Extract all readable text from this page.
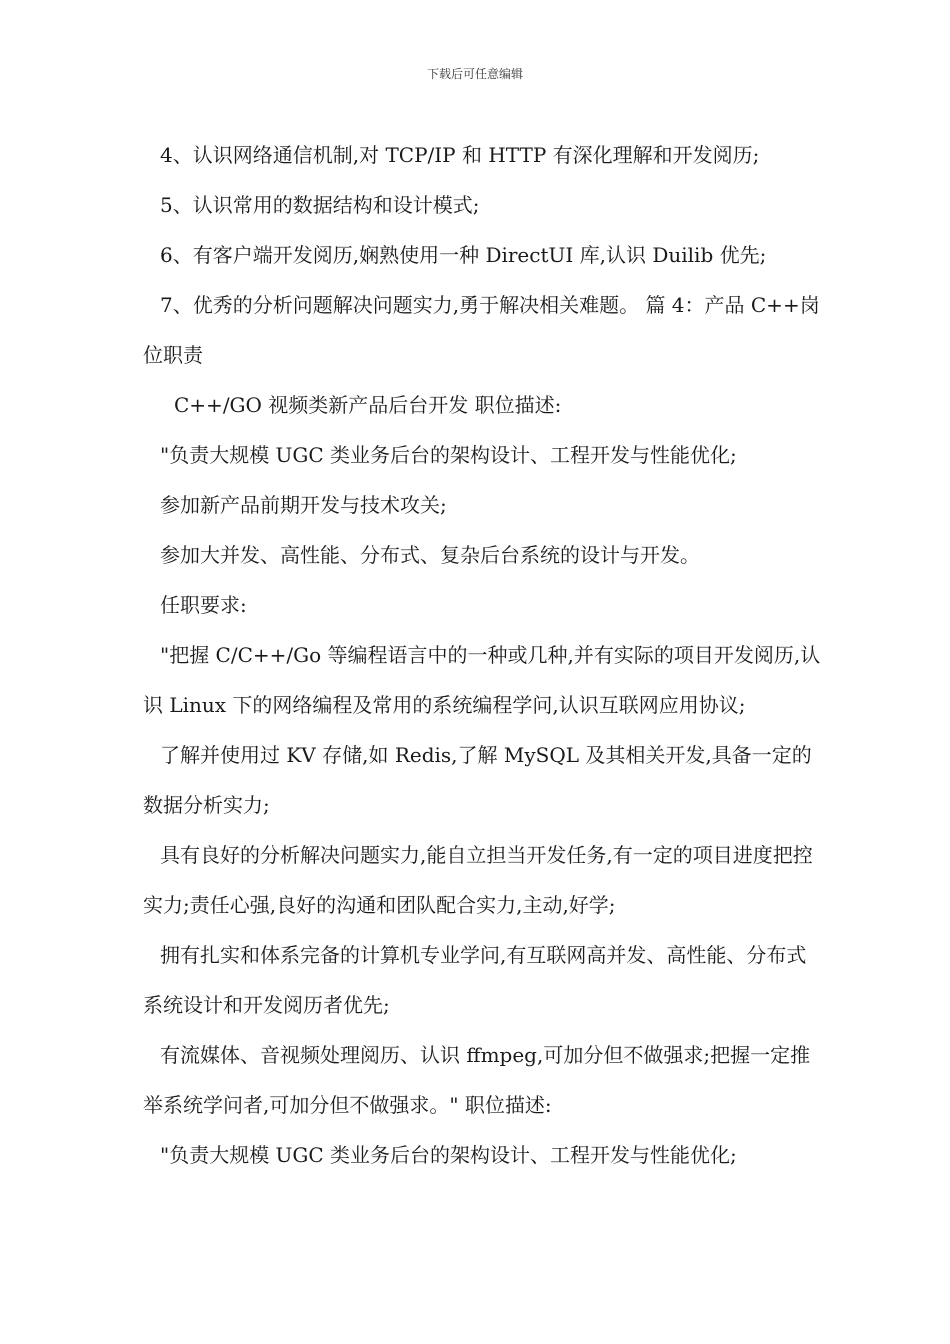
下载后可任意编辑

4、认识网络通信机制,对 TCP/IP 和 HTTP 有深化理解和开发阅历;

5、认识常用的数据结构和设计模式;

6、有客户端开发阅历,娴熟使用一种 DirectUI 库,认识 Duilib 优先;

7、优秀的分析问题解决问题实力,勇于解决相关难题。 篇 4：产品 C++岗位职责

C++/GO 视频类新产品后台开发 职位描述:

"负责大规模 UGC 类业务后台的架构设计、工程开发与性能优化;

参加新产品前期开发与技术攻关;

参加大并发、高性能、分布式、复杂后台系统的设计与开发。

任职要求:

"把握 C/C++/Go 等编程语言中的一种或几种,并有实际的项目开发阅历,认识 Linux 下的网络编程及常用的系统编程学问,认识互联网应用协议;

了解并使用过 KV 存储,如 Redis,了解 MySQL 及其相关开发,具备一定的数据分析实力;

具有良好的分析解决问题实力,能自立担当开发任务,有一定的项目进度把控实力;责任心强,良好的沟通和团队配合实力,主动,好学;

拥有扎实和体系完备的计算机专业学问,有互联网高并发、高性能、分布式系统设计和开发阅历者优先;

有流媒体、音视频处理阅历、认识 ffmpeg,可加分但不做强求;把握一定推举系统学问者,可加分但不做强求。" 职位描述:

"负责大规模 UGC 类业务后台的架构设计、工程开发与性能优化;
